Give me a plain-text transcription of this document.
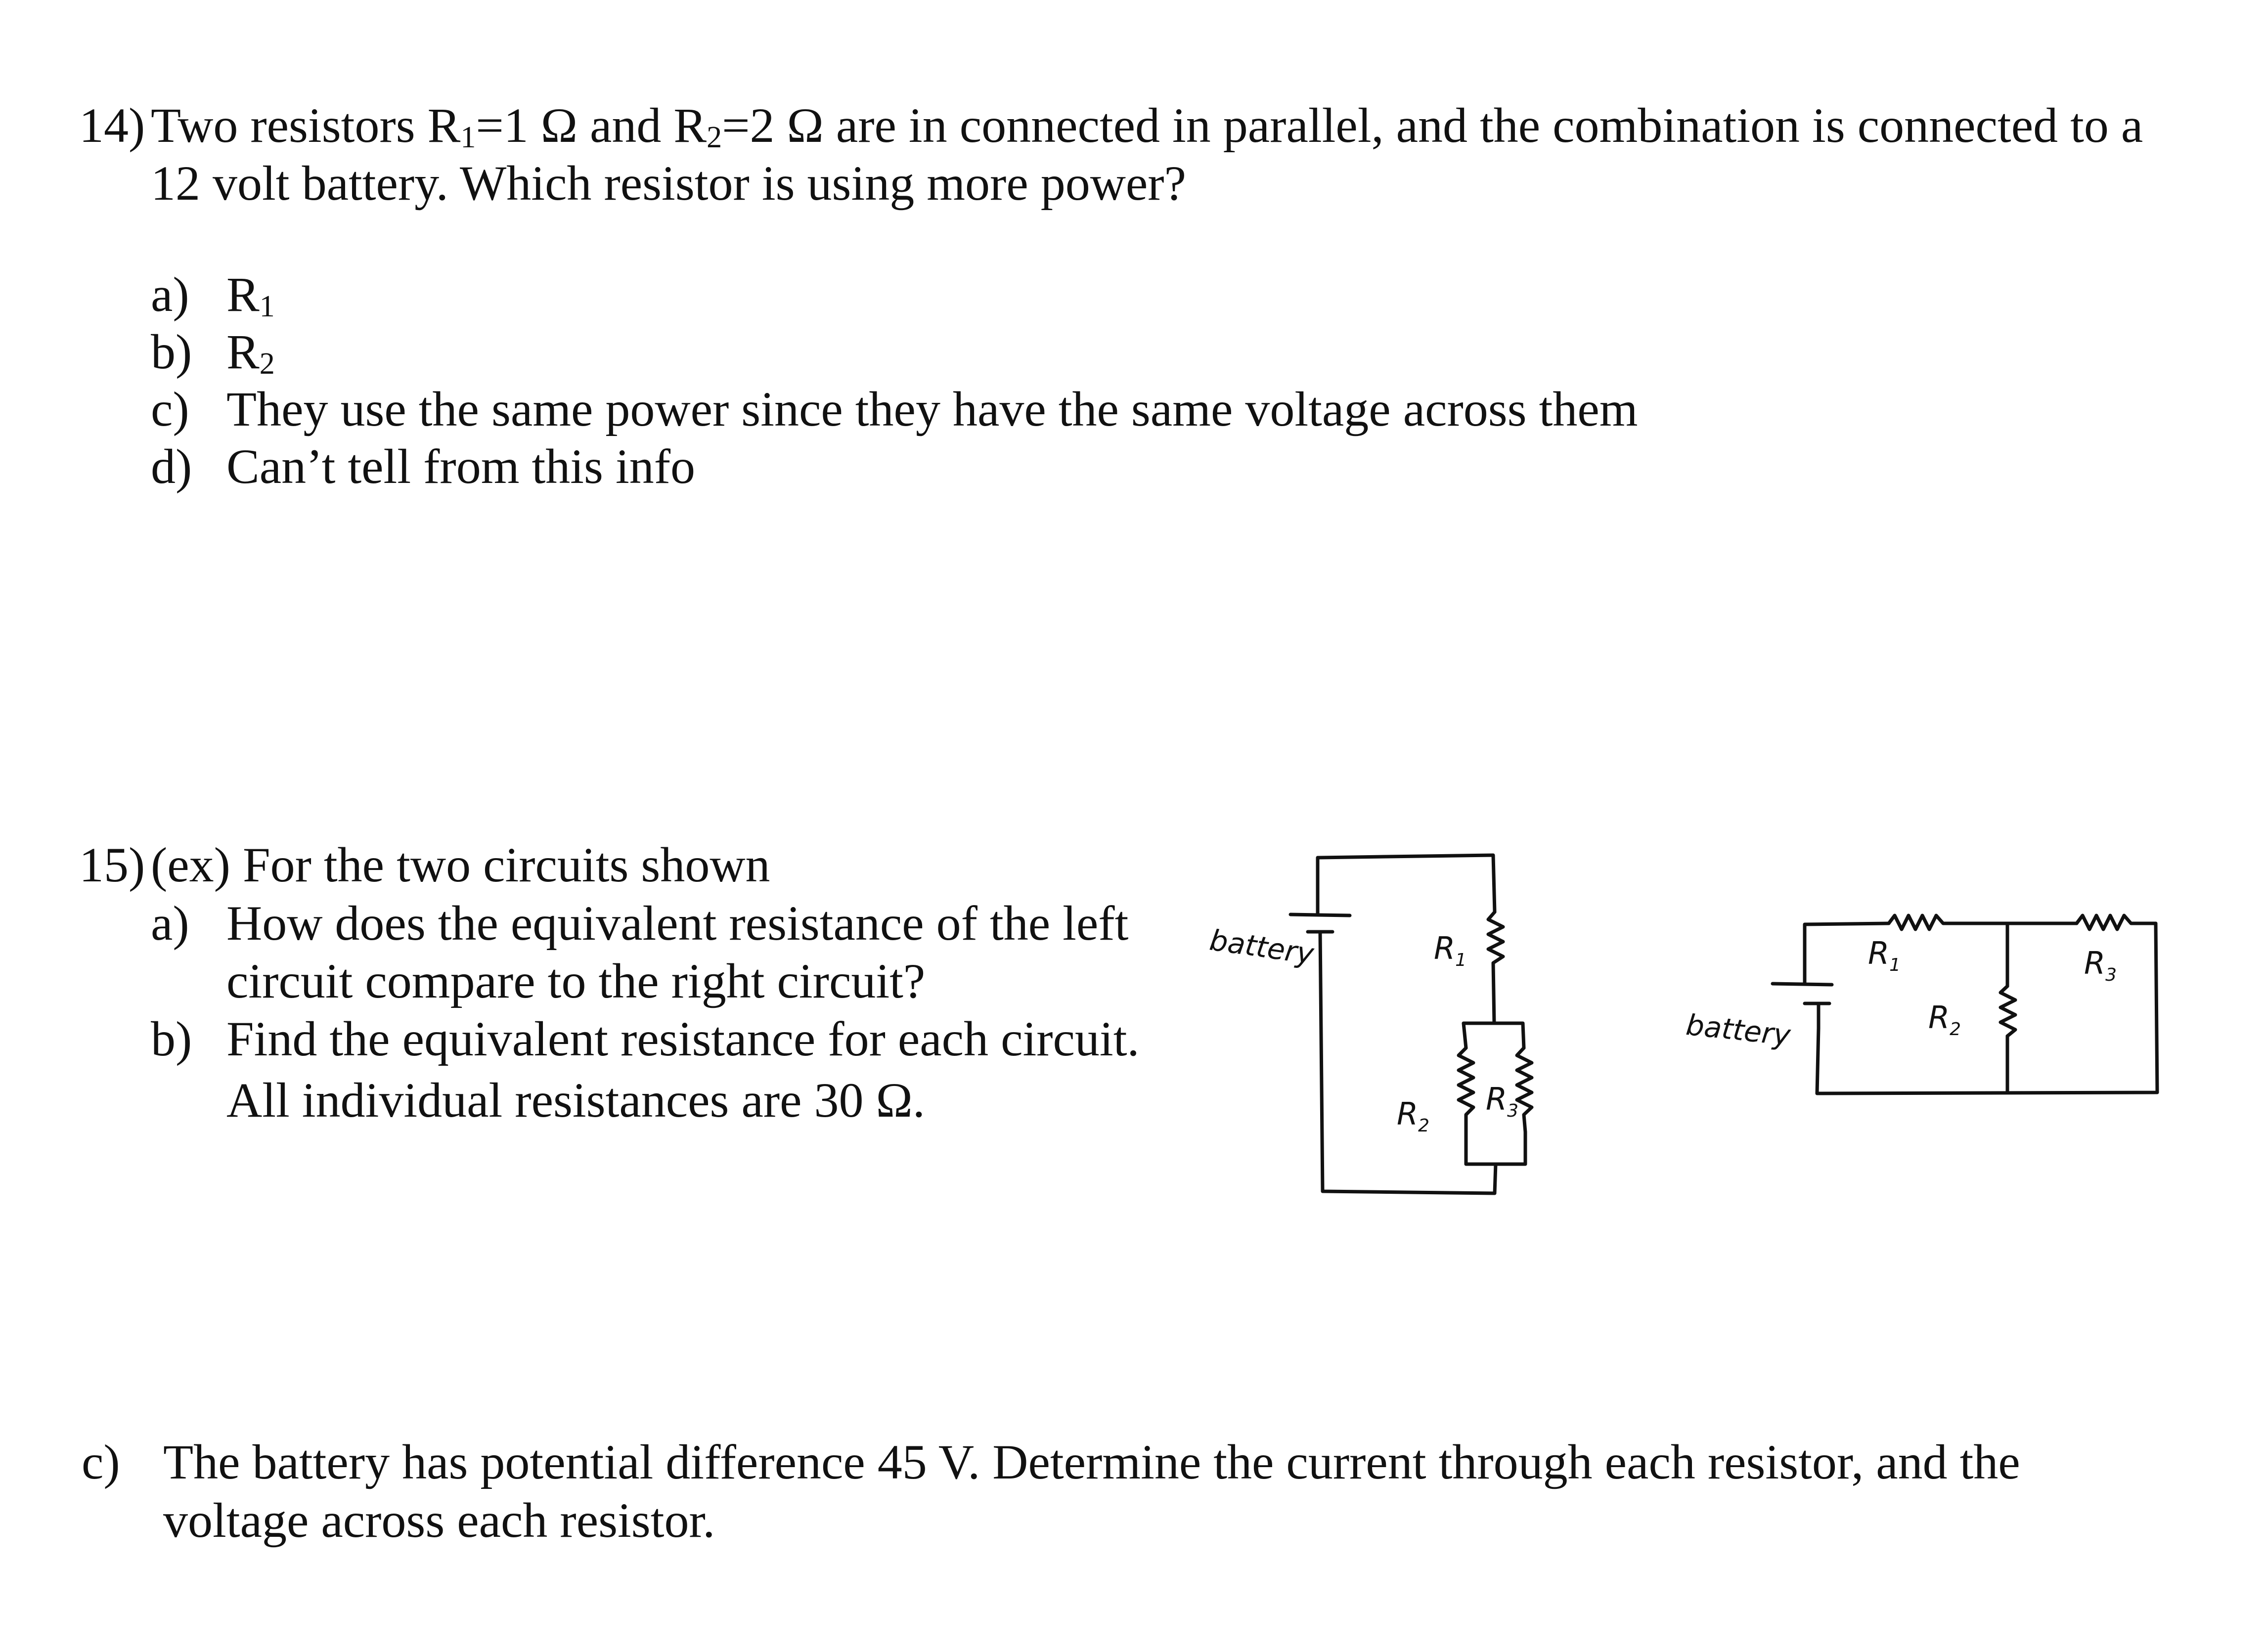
14) Two resistors $R_1=1$ Ω and $R_2=2$ Ω are in connected in parallel, and the combination is connected to a
12 volt battery. Which resistor is using more power?
a) $R_1$
b) $R_2$
c) They use the same power since they have the same voltage across them
d) Can’t tell from this info
15) (ex) For the two circuits shown
a) How does the equivalent resistance of the left
circuit compare to the right circuit?
b) Find the equivalent resistance for each circuit.
All individual resistances are 30 Ω.
c) The battery has potential difference 45 V. Determine the current through each resistor, and the
voltage across each resistor.
battery	$R_1$
$R_2$
$R_3$
battery
$R_1$
$R_2$
$R_3$
